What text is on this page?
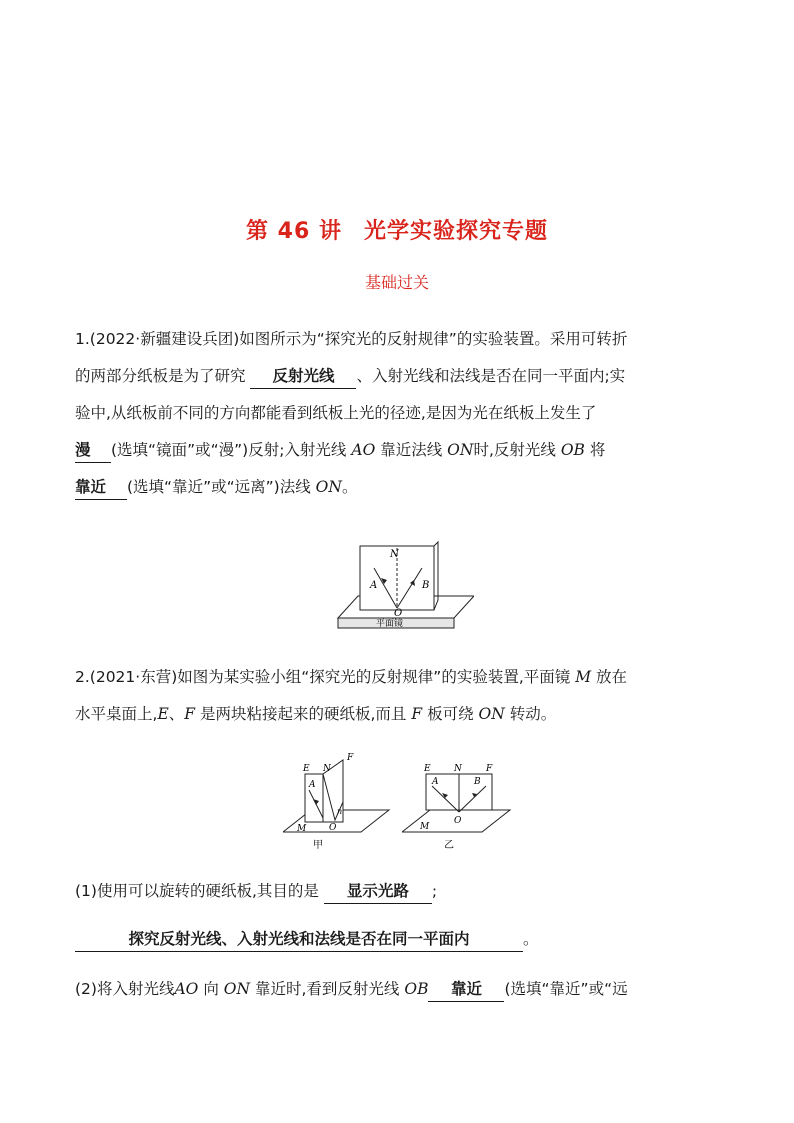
第 46 讲 光学实验探究专题
基础过关
1.(2022·新疆建设兵团)如图所示为“探究光的反射规律”的实验装置。采用可转折
的两部分纸板是为了研究 反射光线 、入射光线和法线是否在同一平面内;实
验中,从纸板前不同的方向都能看到纸板上光的径迹,是因为光在纸板上发生了
漫 (选填“镜面”或“漫”)反射;入射光线 AO 靠近法线 ON时,反射光线 OB 将
靠近 (选填“靠近”或“远离”)法线 ON。
N
A	B
O
平面镜
2.(2021·东营)如图为某实验小组“探究光的反射规律”的实验装置,平面镜 M 放在
水平桌面上,E、F 是两块粘接起来的硬纸板,而且 F 板可绕 ON 转动。
E N
F
A
n
O
M
甲
E	N	F
A	B
O
M
乙
(1)使用可以旋转的硬纸板,其目的是 显示光路 ;
探究反射光线、入射光线和法线是否在同一平面内	。
(2)将入射光线AO 向 ON 靠近时,看到反射光线 OB 靠近 (选填“靠近”或“远
